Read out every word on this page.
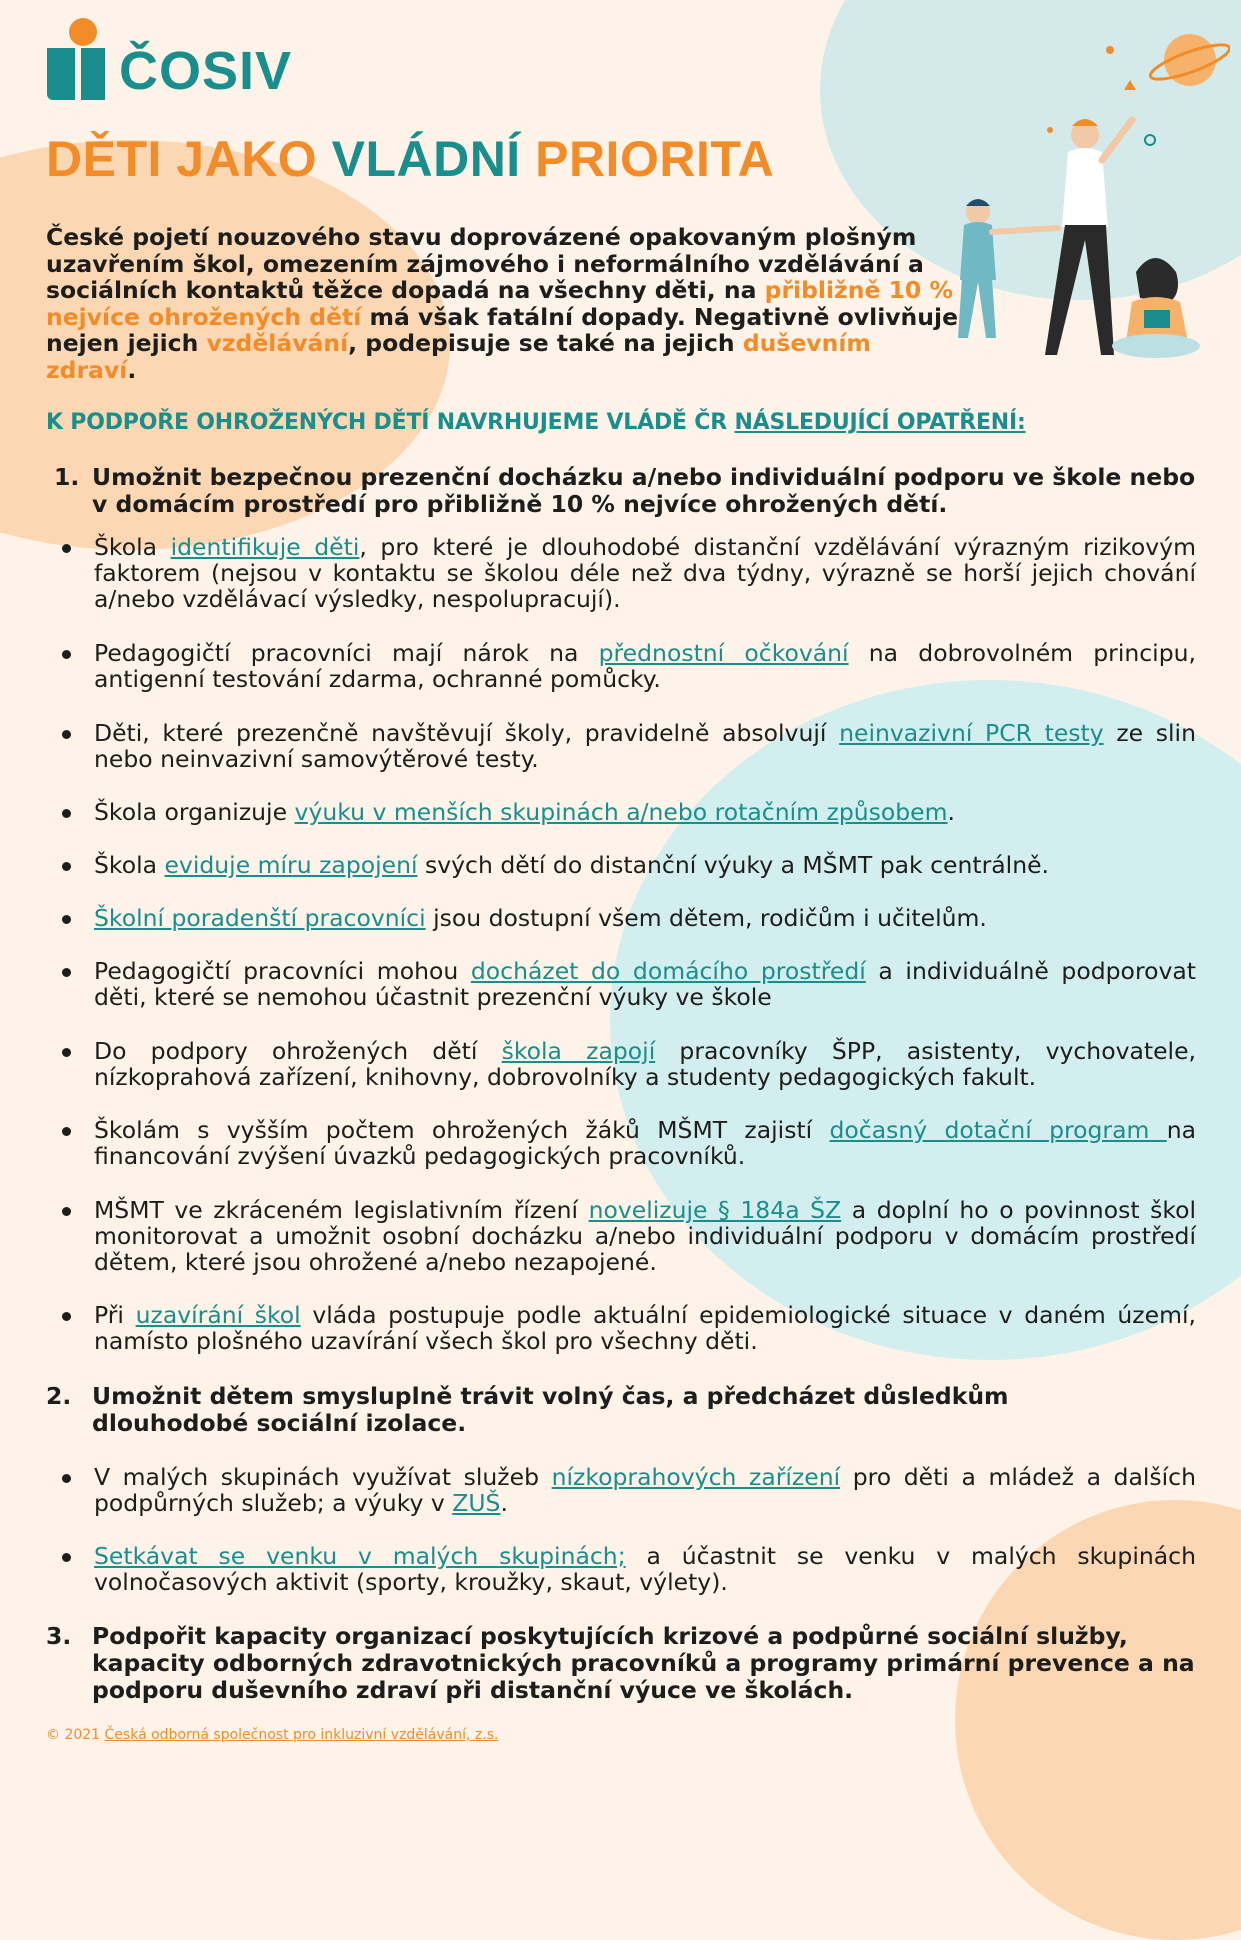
ČOSIV
DĚTI JAKO VLÁDNÍ PRIORITA
České pojetí nouzového stavu doprovázené opakovaným plošným uzavřením škol, omezením zájmového i neformálního vzdělávání a sociálních kontaktů těžce dopadá na všechny děti, na přibližně 10 % nejvíce ohrožených dětí má však fatální dopady. Negativně ovlivňuje nejen jejich vzdělávání, podepisuje se také na jejich duševním zdraví.
K PODPOŘE OHROŽENÝCH DĚTÍ NAVRHUJEME VLÁDĚ ČR NÁSLEDUJÍCÍ OPATŘENÍ:
1. Umožnit bezpečnou prezenční docházku a/nebo individuální podporu ve škole nebo v domácím prostředí pro přibližně 10 % nejvíce ohrožených dětí.
Škola identifikuje děti, pro které je dlouhodobé distanční vzdělávání výrazným rizikovým faktorem (nejsou v kontaktu se školou déle než dva týdny, výrazně se horší jejich chování a/nebo vzdělávací výsledky, nespolupracují).
Pedagogičtí pracovníci mají nárok na přednostní očkování na dobrovolném principu, antigenní testování zdarma, ochranné pomůcky.
Děti, které prezenčně navštěvují školy, pravidelně absolvují neinvazivní PCR testy ze slin nebo neinvazivní samovýtěrové testy.
Škola organizuje výuku v menších skupinách a/nebo rotačním způsobem.
Škola eviduje míru zapojení svých dětí do distanční výuky a MŠMT pak centrálně.
Školní poradenští pracovníci jsou dostupní všem dětem, rodičům i učitelům.
Pedagogičtí pracovníci mohou docházet do domácího prostředí a individuálně podporovat děti, které se nemohou účastnit prezenční výuky ve škole
Do podpory ohrožených dětí škola zapojí pracovníky ŠPP, asistenty, vychovatele, nízkoprahová zařízení, knihovny, dobrovolníky a studenty pedagogických fakult.
Školám s vyšším počtem ohrožených žáků MŠMT zajistí dočasný dotační program na financování zvýšení úvazků pedagogických pracovníků.
MŠMT ve zkráceném legislativním řízení novelizuje § 184a ŠZ a doplní ho o povinnost škol monitorovat a umožnit osobní docházku a/nebo individuální podporu v domácím prostředí dětem, které jsou ohrožené a/nebo nezapojené.
Při uzavírání škol vláda postupuje podle aktuální epidemiologické situace v daném území, namísto plošného uzavírání všech škol pro všechny děti.
2. Umožnit dětem smysluplně trávit volný čas, a předcházet důsledkům dlouhodobé sociální izolace.
V malých skupinách využívat služeb nízkoprahových zařízení pro děti a mládež a dalších podpůrných služeb; a výuky v ZUŠ.
Setkávat se venku v malých skupinách; a účastnit se venku v malých skupinách volnočasových aktivit (sporty, kroužky, skaut, výlety).
3. Podpořit kapacity organizací poskytujících krizové a podpůrné sociální služby, kapacity odborných zdravotnických pracovníků a programy primární prevence a na podporu duševního zdraví při distanční výuce ve školách.
© 2021 Česká odborná společnost pro inkluzivní vzdělávání, z.s.
